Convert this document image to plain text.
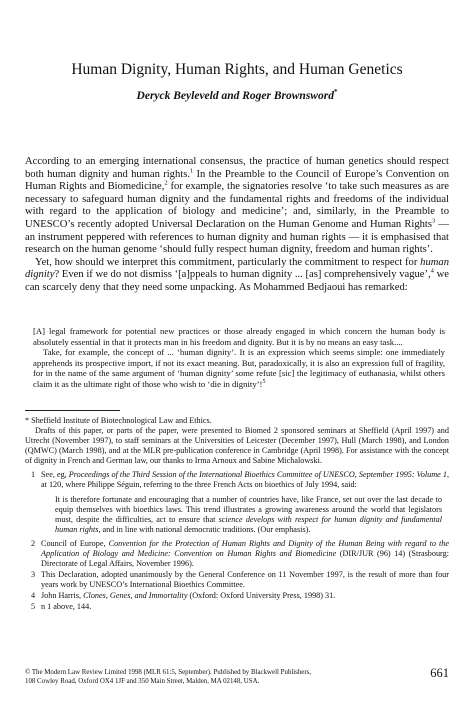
Human Dignity, Human Rights, and Human Genetics
Deryck Beyleveld and Roger Brownsword*

According to an emerging international consensus, the practice of human genetics should respect both human dignity and human rights.$^1$ In the Preamble to the Council of Europe’s Convention on Human Rights and Biomedicine,$^2$ for example, the signatories resolve ‘to take such measures as are necessary to safeguard human dignity and the fundamental rights and freedoms of the individual with regard to the application of biology and medicine’; and, similarly, in the Preamble to UNESCO’s recently adopted Universal Declaration on the Human Genome and Human Rights$^3$ — an instrument peppered with references to human dignity and human rights — it is emphasised that research on the human genome ‘should fully respect human dignity, freedom and human rights’.

Yet, how should we interpret this commitment, particularly the commitment to respect for human dignity? Even if we do not dismiss ‘[a]ppeals to human dignity ... [as] comprehensively vague’,$^4$ we can scarcely deny that they need some unpacking. As Mohammed Bedjaoui has remarked:

[A] legal framework for potential new practices or those already engaged in which concern the human body is absolutely essential in that it protects man in his freedom and dignity. But it is by no means an easy task....

Take, for example, the concept of ... ‘human dignity’. It is an expression which seems simple: one immediately apprehends its prospective import, if not its exact meaning. But, paradoxically, it is also an expression full of fragility, for in the name of the same argument of ‘human dignity’ some refute [sic] the legitimacy of euthanasia, whilst others claim it as the ultimate right of those who wish to ‘die in dignity’!$^5$

* Sheffield Institute of Biotechnological Law and Ethics.

Drafts of this paper, or parts of the paper, were presented to Biomed 2 sponsored seminars at Sheffield (April 1997) and Utrecht (November 1997), to staff seminars at the Universities of Leicester (December 1997), Hull (March 1998), and London (QMWC) (March 1998), and at the MLR pre-publication conference in Cambridge (April 1998). For assistance with the concept of dignity in French and German law, our thanks to Irma Arnoux and Sabine Michalowski.

1 See, eg, Proceedings of the Third Session of the International Bioethics Committee of UNESCO, September 1995: Volume 1, at 120, where Philippe Séguin, referring to the three French Acts on bioethics of July 1994, said:
It is therefore fortunate and encouraging that a number of countries have, like France, set out over the last decade to equip themselves with bioethics laws. This trend illustrates a growing awareness around the world that legislators must, despite the difficulties, act to ensure that science develops with respect for human dignity and fundamental human rights, and in line with national democratic traditions. (Our emphasis).
2 Council of Europe, Convention for the Protection of Human Rights and Dignity of the Human Being with regard to the Application of Biology and Medicine: Convention on Human Rights and Biomedicine (DIR/JUR (96) 14) (Strasbourg: Directorate of Legal Affairs, November 1996).
3 This Declaration, adopted unanimously by the General Conference on 11 November 1997, is the result of more than four years work by UNESCO’s International Bioethics Committee.
4 John Harris, Clones, Genes, and Immortality (Oxford: Oxford University Press, 1998) 31.
5 n 1 above, 144.
© The Modern Law Review Limited 1998 (MLR 61:5, September). Published by Blackwell Publishers,
108 Cowley Road, Oxford OX4 1JF and 350 Main Street, Malden, MA 02148, USA.
661
